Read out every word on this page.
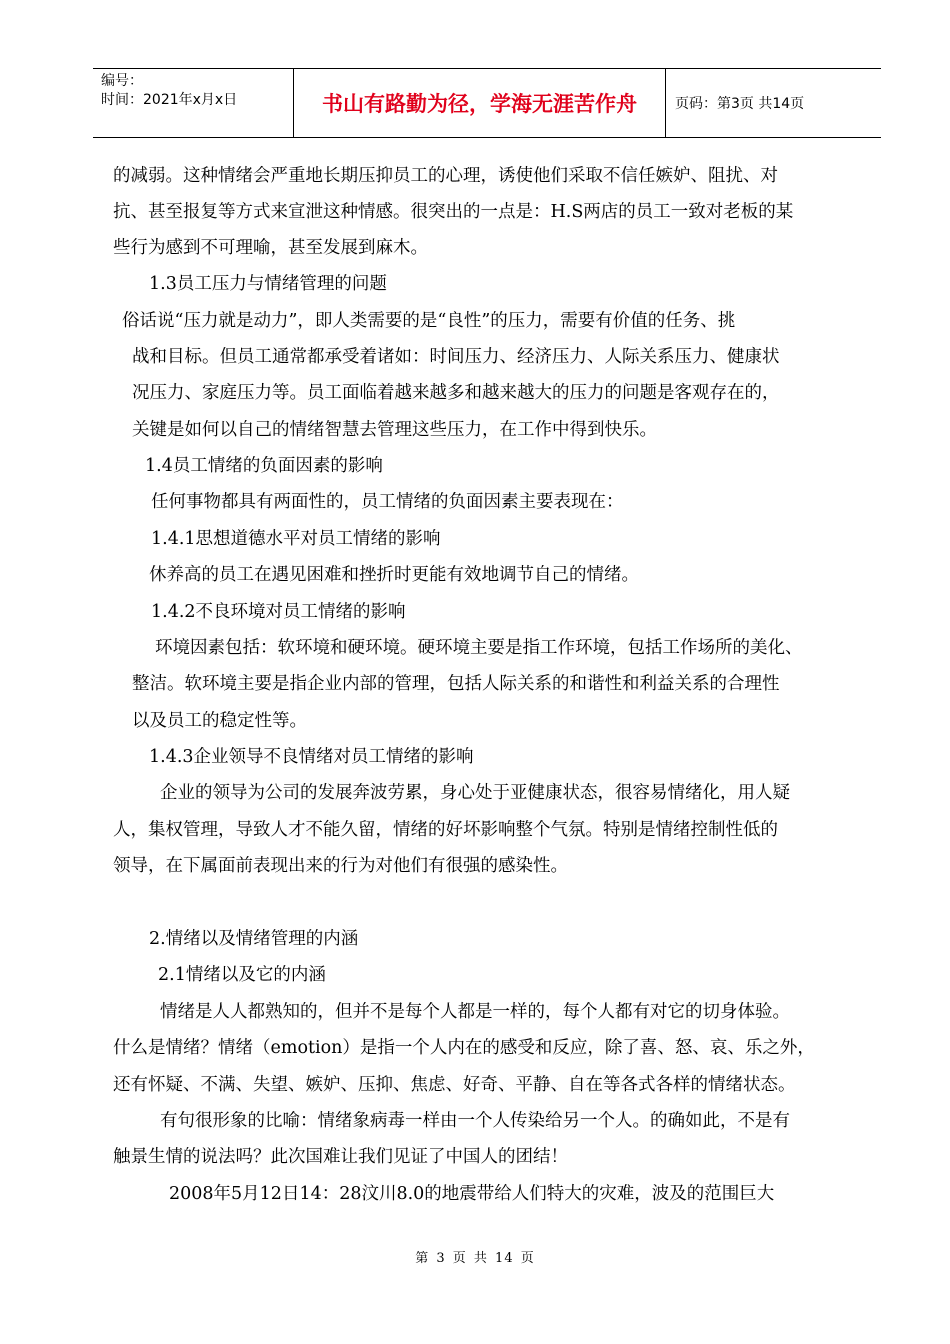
编号：
时间：2021年x月x日	书山有路勤为径，学海无涯苦作舟	页码：第3页 共14页
的减弱。这种情绪会严重地长期压抑员工的心理，诱使他们采取不信任嫉妒、阻扰、对
抗、甚至报复等方式来宣泄这种情感。很突出的一点是：H.S两店的员工一致对老板的某
些行为感到不可理喻，甚至发展到麻木。
1.3员工压力与情绪管理的问题
俗话说“压力就是动力”，即人类需要的是“良性”的压力，需要有价值的任务、挑
战和目标。但员工通常都承受着诸如：时间压力、经济压力、人际关系压力、健康状
况压力、家庭压力等。员工面临着越来越多和越来越大的压力的问题是客观存在的，
关键是如何以自己的情绪智慧去管理这些压力，在工作中得到快乐。
1.4员工情绪的负面因素的影响
任何事物都具有两面性的，员工情绪的负面因素主要表现在：
1.4.1思想道德水平对员工情绪的影响
休养高的员工在遇见困难和挫折时更能有效地调节自己的情绪。
1.4.2不良环境对员工情绪的影响
环境因素包括：软环境和硬环境。硬环境主要是指工作环境，包括工作场所的美化、
整洁。软环境主要是指企业内部的管理，包括人际关系的和谐性和利益关系的合理性
以及员工的稳定性等。
1.4.3企业领导不良情绪对员工情绪的影响
企业的领导为公司的发展奔波劳累，身心处于亚健康状态，很容易情绪化，用人疑
人，集权管理，导致人才不能久留，情绪的好坏影响整个气氛。特别是情绪控制性低的
领导，在下属面前表现出来的行为对他们有很强的感染性。
2.情绪以及情绪管理的内涵
2.1情绪以及它的内涵
情绪是人人都熟知的，但并不是每个人都是一样的，每个人都有对它的切身体验。
什么是情绪？情绪（emotion）是指一个人内在的感受和反应，除了喜、怒、哀、乐之外，
还有怀疑、不满、失望、嫉妒、压抑、焦虑、好奇、平静、自在等各式各样的情绪状态。
有句很形象的比喻：情绪象病毒一样由一个人传染给另一个人。的确如此，不是有
触景生情的说法吗？此次国难让我们见证了中国人的团结！
2008年5月12日14：28汶川8.0的地震带给人们特大的灾难，波及的范围巨大
第 3 页 共 14 页
